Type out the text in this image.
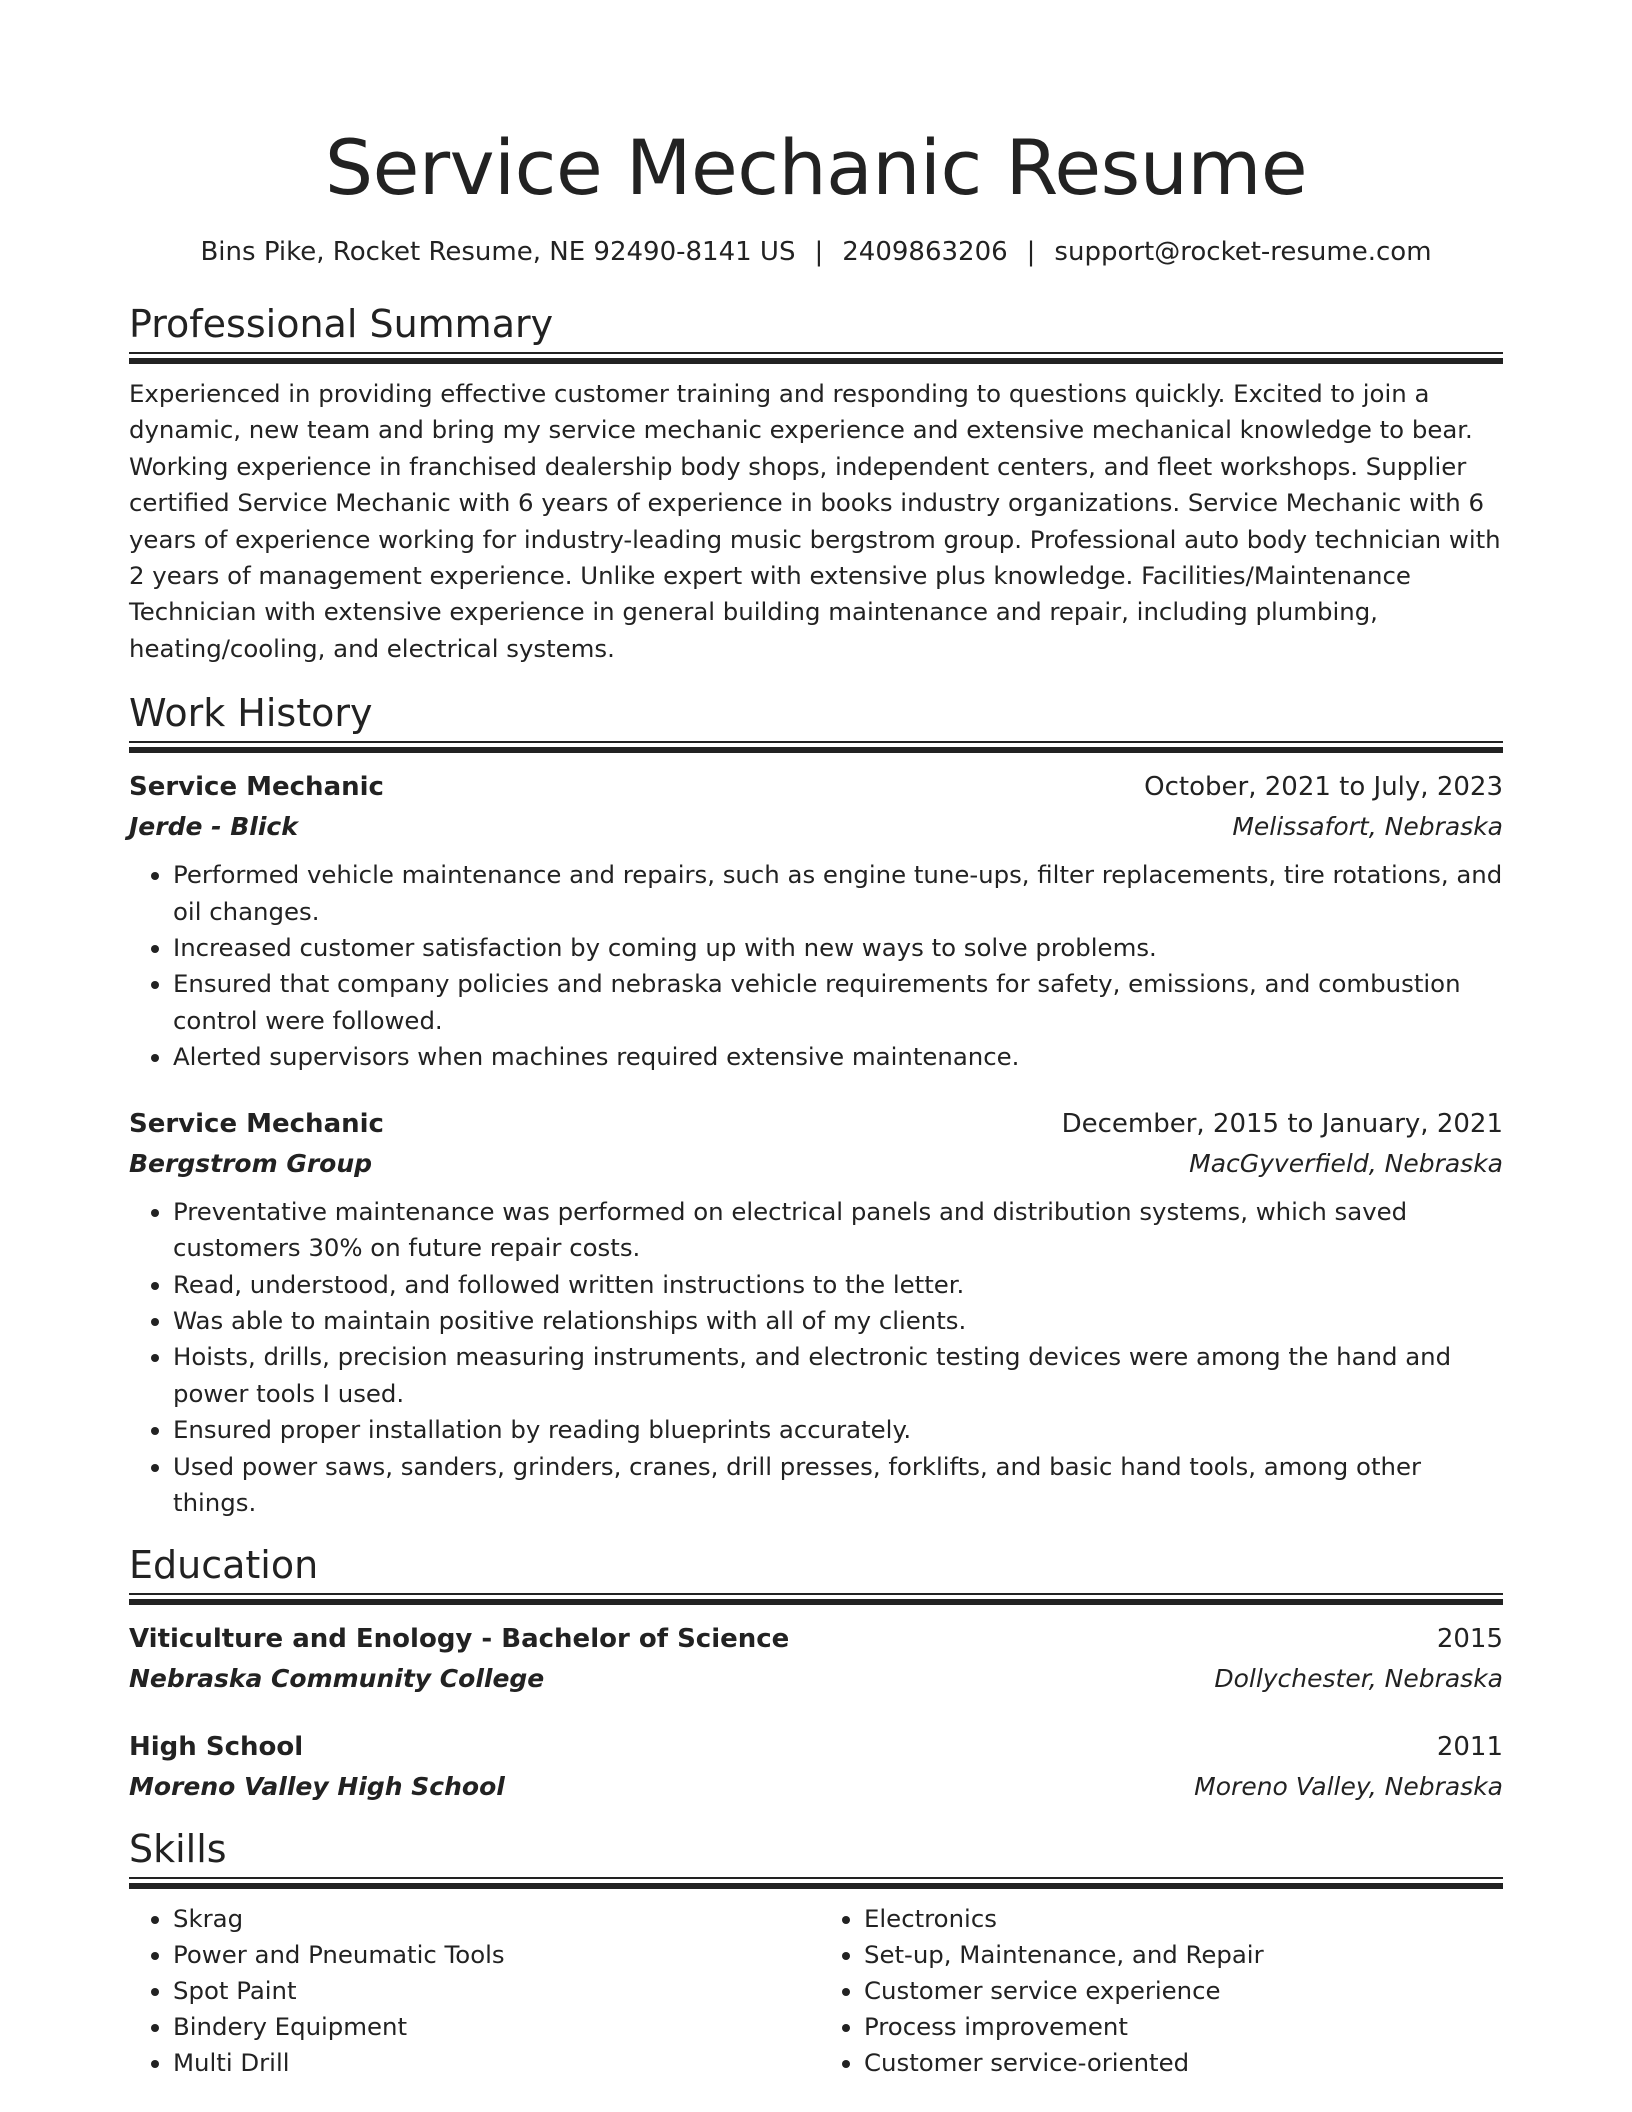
Service Mechanic Resume
Bins Pike, Rocket Resume, NE 92490-8141 US | 2409863206 | support@rocket-resume.com
Professional Summary
Experienced in providing effective customer training and responding to questions quickly. Excited to join a dynamic, new team and bring my service mechanic experience and extensive mechanical knowledge to bear. Working experience in franchised dealership body shops, independent centers, and fleet workshops. Supplier certified Service Mechanic with 6 years of experience in books industry organizations. Service Mechanic with 6 years of experience working for industry-leading music bergstrom group. Professional auto body technician with 2 years of management experience. Unlike expert with extensive plus knowledge. Facilities/Maintenance Technician with extensive experience in general building maintenance and repair, including plumbing, heating/cooling, and electrical systems.
Work History
Service Mechanic	October, 2021 to July, 2023
Jerde - Blick	Melissafort, Nebraska
• Performed vehicle maintenance and repairs, such as engine tune-ups, filter replacements, tire rotations, and oil changes.
• Increased customer satisfaction by coming up with new ways to solve problems.
• Ensured that company policies and nebraska vehicle requirements for safety, emissions, and combustion control were followed.
• Alerted supervisors when machines required extensive maintenance.
Service Mechanic	December, 2015 to January, 2021
Bergstrom Group	MacGyverfield, Nebraska
• Preventative maintenance was performed on electrical panels and distribution systems, which saved customers 30% on future repair costs.
• Read, understood, and followed written instructions to the letter.
• Was able to maintain positive relationships with all of my clients.
• Hoists, drills, precision measuring instruments, and electronic testing devices were among the hand and power tools I used.
• Ensured proper installation by reading blueprints accurately.
• Used power saws, sanders, grinders, cranes, drill presses, forklifts, and basic hand tools, among other things.
Education
Viticulture and Enology - Bachelor of Science	2015
Nebraska Community College	Dollychester, Nebraska
High School	2011
Moreno Valley High School	Moreno Valley, Nebraska
Skills
• Skrag
• Power and Pneumatic Tools
• Spot Paint
• Bindery Equipment
• Multi Drill
• Electronics
• Set-up, Maintenance, and Repair
• Customer service experience
• Process improvement
• Customer service-oriented
